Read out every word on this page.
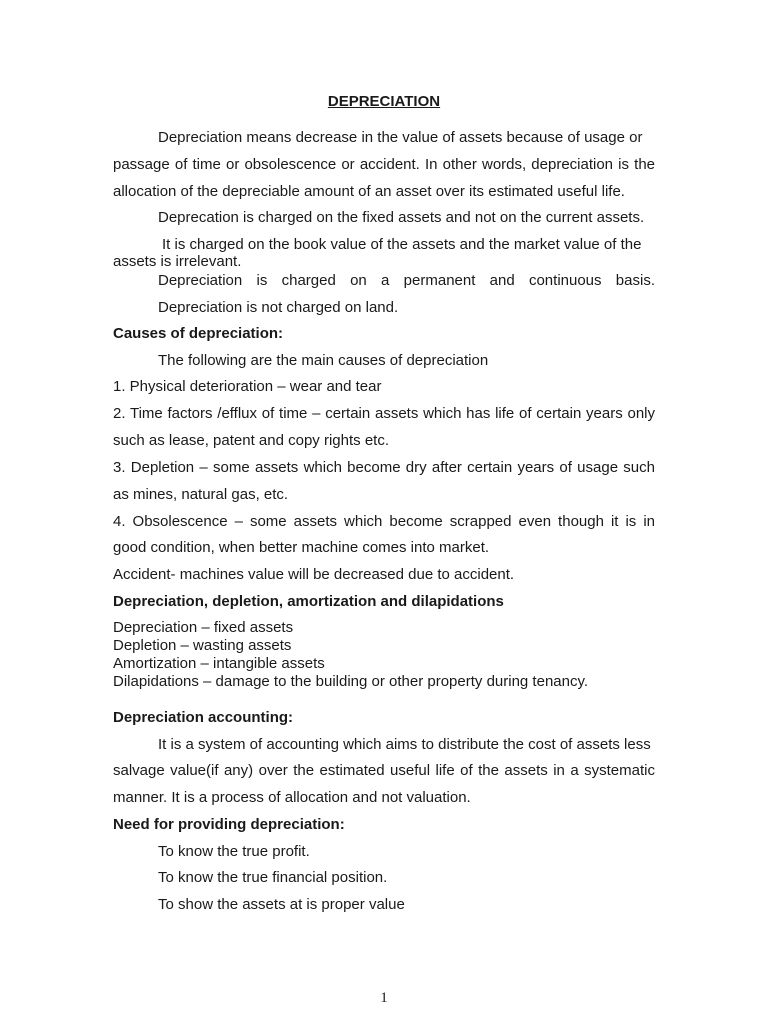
DEPRECIATION

Depreciation means decrease in the value of assets because of usage or

passage of time or obsolescence or accident. In other words, depreciation is the

allocation of the depreciable amount of an asset over its estimated useful life.

Deprecation is charged on the fixed assets and not on the current assets.

It is charged on the book value of the assets and the market value of the

assets is irrelevant.

Depreciation is charged on a permanent and continuous basis.

Depreciation is not charged on land.

Causes of depreciation:

The following are the main causes of depreciation

1. Physical deterioration – wear and tear

2. Time factors /efflux of time – certain assets which has life of certain years only

such as lease, patent and copy rights etc.

3. Depletion – some assets which become dry after certain years of usage such

as mines, natural gas, etc.

4. Obsolescence – some assets which become scrapped even though it is in

good condition, when better machine comes into market.

Accident- machines value will be decreased due to accident.

Depreciation, depletion, amortization and dilapidations

Depreciation – fixed assets

Depletion – wasting assets

Amortization – intangible assets

Dilapidations – damage to the building or other property during tenancy.

Depreciation accounting:

It is a system of accounting which aims to distribute the cost of assets less

salvage value(if any) over the estimated useful life of the assets in a systematic

manner. It is a process of allocation and not valuation.

Need for providing depreciation:

To know the true profit.

To know the true financial position.

To show the assets at is proper value

1
